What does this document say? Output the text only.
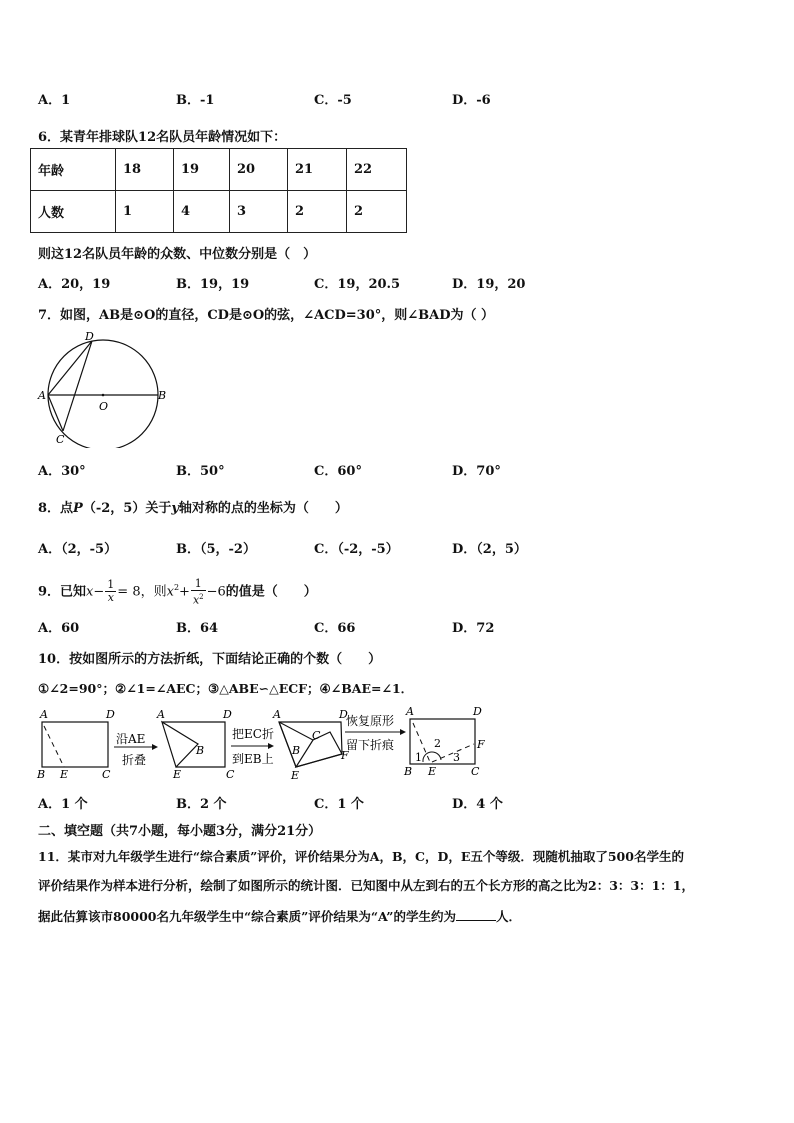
A．1	B．-1	C．-5	D．-6
6．某青年排球队12名队员年龄情况如下：
年龄	18	19	20	21	22
人数	1	4	3	2	2
则这12名队员年龄的众数、中位数分别是（　）
A．20，19	B．19，19	C．19，20.5	D．19，20
7．如图，AB是⊙O的直径，CD是⊙O的弦，∠ACD=30°，则∠BAD为（ ）
D
A	B
O
C
A．30°	B．50°	C．60°	D．70°
8．点P（-2，5）关于y轴对称的点的坐标为（　　）
A．（2，-5）	B．（5，-2）	C．（-2，-5）	D．（2，5）
9．已知$x- \frac{1}{x} = 8$，则$x^2+ \frac{1}{x^2} -6$的值是（　　）
A．60	B．64	C．66	D．72
10．按如图所示的方法折纸，下面结论正确的个数（　　）
①∠2=90°；②∠1=∠AEC；③△ABE∽△ECF；④∠BAE=∠1．
A	D
B E	C
沿AE
折叠
A	D
B
E	C
把EC折
到EB上
A	D
C
B	F
E
恢复原形
留下折痕
A	D
F
B E	C
1
2
3
A．1 个	B．2 个	C．1 个	D．4 个
二、填空题（共7小题，每小题3分，满分21分）
11．某市对九年级学生进行“综合素质”评价，评价结果分为A，B，C，D，E五个等级．现随机抽取了500名学生的
评价结果作为样本进行分析，绘制了如图所示的统计图．已知图中从左到右的五个长方形的高之比为2：3：3：1：1，
据此估算该市80000名九年级学生中“综合素质”评价结果为“A”的学生约为	人．
